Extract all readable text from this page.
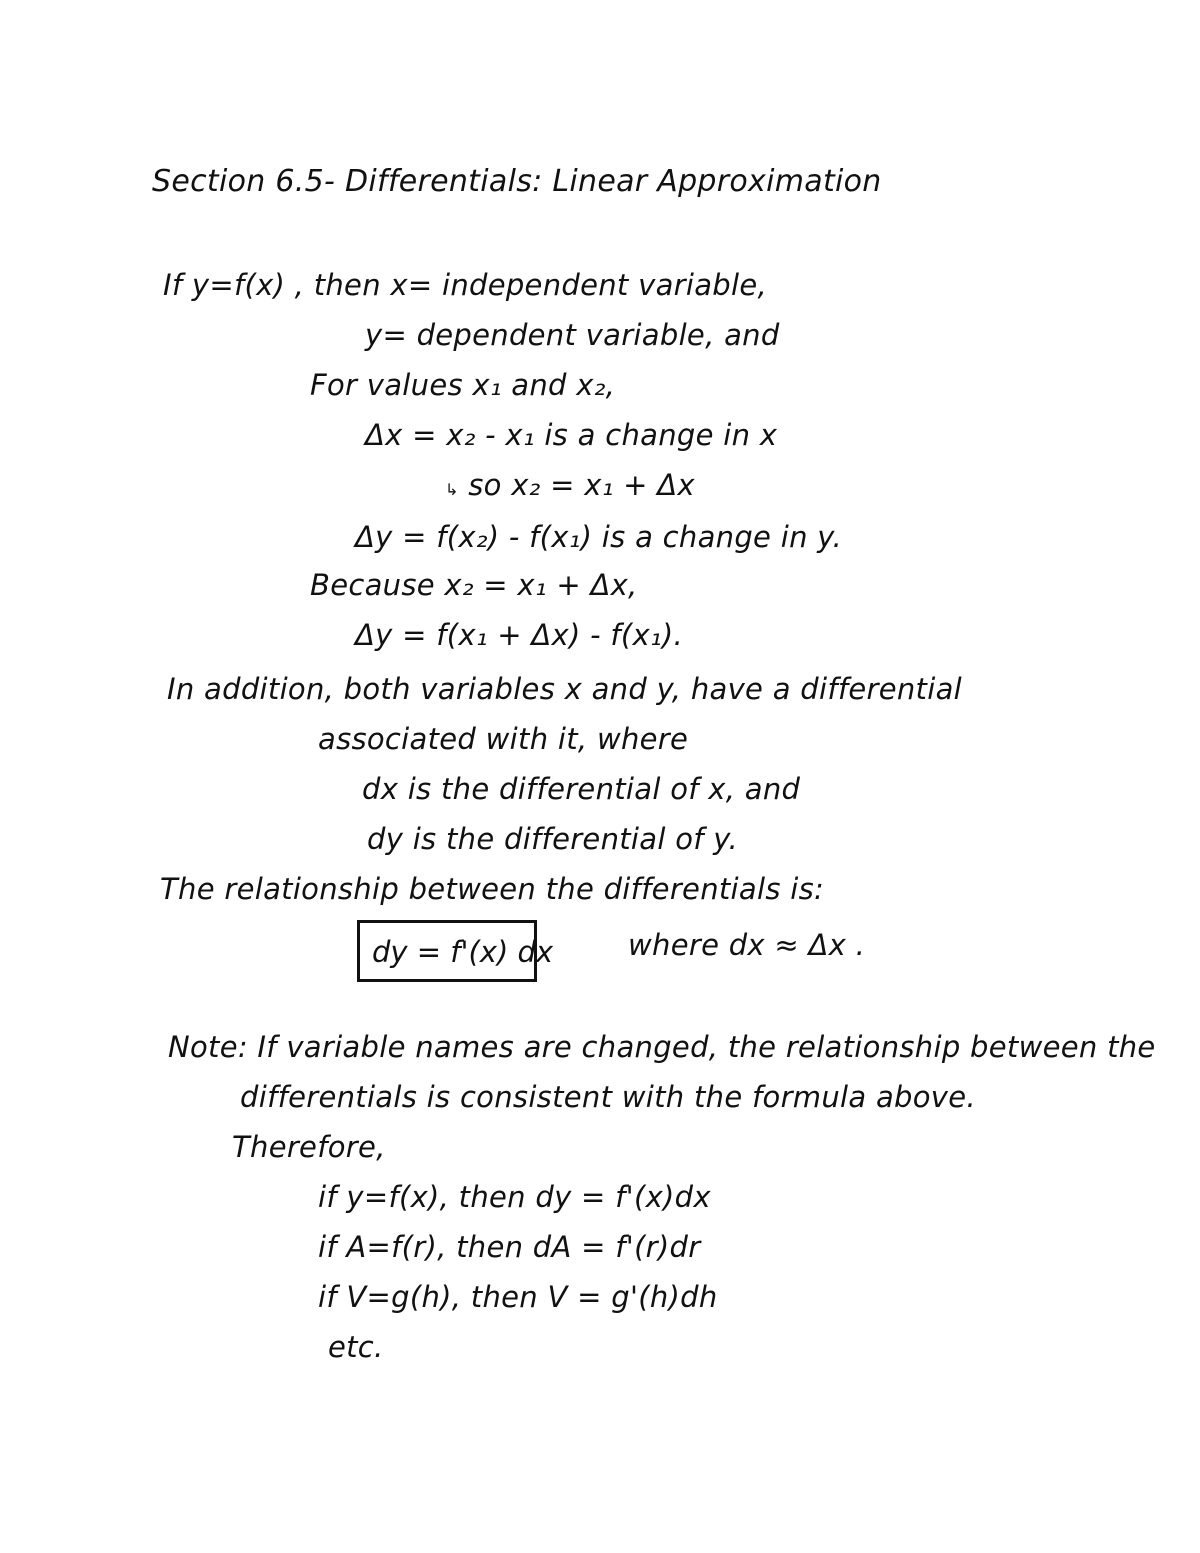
Section 6.5- Differentials: Linear Approximation
If y=f(x) , then x= independent variable,
y= dependent variable, and
For values x₁ and x₂,
Δx = x₂ - x₁ is a change in x
↳ so x₂ = x₁ + Δx
Δy = f(x₂) - f(x₁) is a change in y.
Because x₂ = x₁ + Δx,
Δy = f(x₁ + Δx) - f(x₁).
In addition, both variables x and y, have a differential
associated with it, where
dx is the differential of x, and
dy is the differential of y.
The relationship between the differentials is:
dy = f'(x) dx	where dx ≈ Δx .
Note: If variable names are changed, the relationship between the
differentials is consistent with the formula above.
Therefore,
if y=f(x), then dy = f'(x)dx
if A=f(r), then dA = f'(r)dr
if V=g(h), then V = g'(h)dh
etc.
